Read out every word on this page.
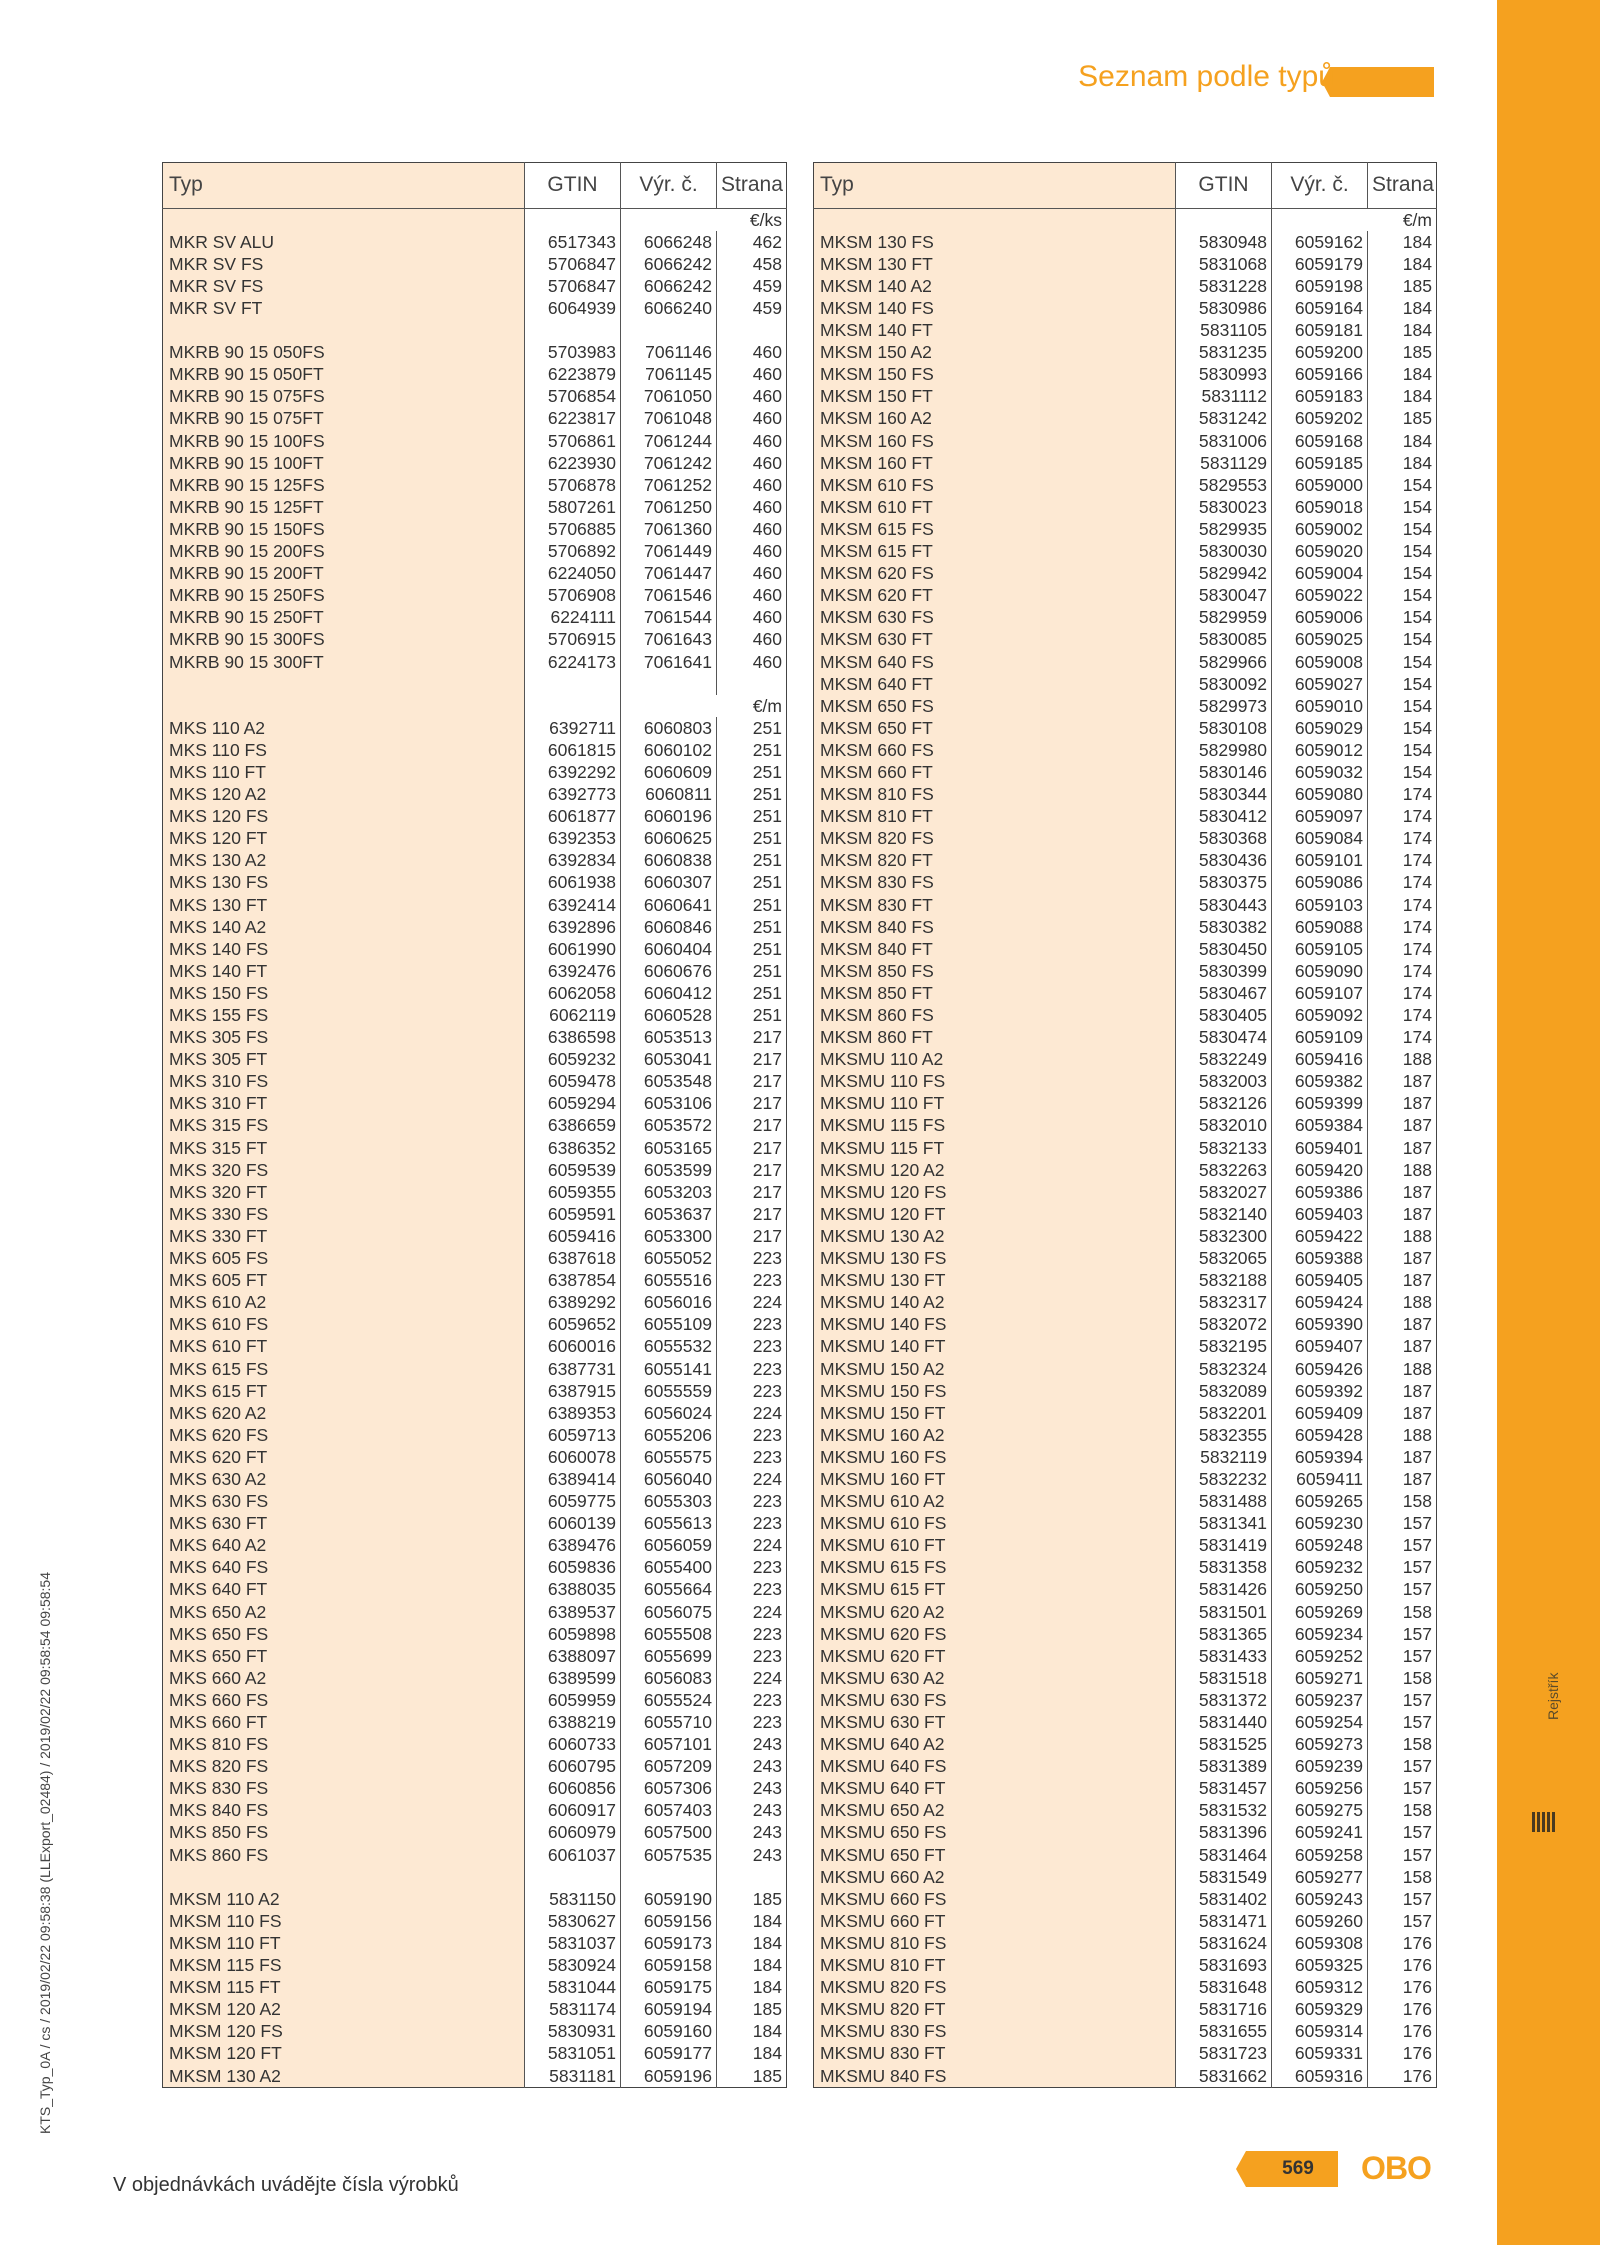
Rejstřík
Seznam podle typů
Typ	GTIN	Výr. č.	Strana
		€/ks	
MKR SV ALU	6517343	6066248	462
MKR SV FS	5706847	6066242	458
MKR SV FS	5706847	6066242	459
MKR SV FT	6064939	6066240	459

MKRB 90 15 050FS	5703983	7061146	460
MKRB 90 15 050FT	6223879	7061145	460
MKRB 90 15 075FS	5706854	7061050	460
MKRB 90 15 075FT	6223817	7061048	460
MKRB 90 15 100FS	5706861	7061244	460
MKRB 90 15 100FT	6223930	7061242	460
MKRB 90 15 125FS	5706878	7061252	460
MKRB 90 15 125FT	5807261	7061250	460
MKRB 90 15 150FS	5706885	7061360	460
MKRB 90 15 200FS	5706892	7061449	460
MKRB 90 15 200FT	6224050	7061447	460
MKRB 90 15 250FS	5706908	7061546	460
MKRB 90 15 250FT	6224111	7061544	460
MKRB 90 15 300FS	5706915	7061643	460
MKRB 90 15 300FT	6224173	7061641	460

		€/m	
MKS 110 A2	6392711	6060803	251
MKS 110 FS	6061815	6060102	251
MKS 110 FT	6392292	6060609	251
MKS 120 A2	6392773	6060811	251
MKS 120 FS	6061877	6060196	251
MKS 120 FT	6392353	6060625	251
MKS 130 A2	6392834	6060838	251
MKS 130 FS	6061938	6060307	251
MKS 130 FT	6392414	6060641	251
MKS 140 A2	6392896	6060846	251
MKS 140 FS	6061990	6060404	251
MKS 140 FT	6392476	6060676	251
MKS 150 FS	6062058	6060412	251
MKS 155 FS	6062119	6060528	251
MKS 305 FS	6386598	6053513	217
MKS 305 FT	6059232	6053041	217
MKS 310 FS	6059478	6053548	217
MKS 310 FT	6059294	6053106	217
MKS 315 FS	6386659	6053572	217
MKS 315 FT	6386352	6053165	217
MKS 320 FS	6059539	6053599	217
MKS 320 FT	6059355	6053203	217
MKS 330 FS	6059591	6053637	217
MKS 330 FT	6059416	6053300	217
MKS 605 FS	6387618	6055052	223
MKS 605 FT	6387854	6055516	223
MKS 610 A2	6389292	6056016	224
MKS 610 FS	6059652	6055109	223
MKS 610 FT	6060016	6055532	223
MKS 615 FS	6387731	6055141	223
MKS 615 FT	6387915	6055559	223
MKS 620 A2	6389353	6056024	224
MKS 620 FS	6059713	6055206	223
MKS 620 FT	6060078	6055575	223
MKS 630 A2	6389414	6056040	224
MKS 630 FS	6059775	6055303	223
MKS 630 FT	6060139	6055613	223
MKS 640 A2	6389476	6056059	224
MKS 640 FS	6059836	6055400	223
MKS 640 FT	6388035	6055664	223
MKS 650 A2	6389537	6056075	224
MKS 650 FS	6059898	6055508	223
MKS 650 FT	6388097	6055699	223
MKS 660 A2	6389599	6056083	224
MKS 660 FS	6059959	6055524	223
MKS 660 FT	6388219	6055710	223
MKS 810 FS	6060733	6057101	243
MKS 820 FS	6060795	6057209	243
MKS 830 FS	6060856	6057306	243
MKS 840 FS	6060917	6057403	243
MKS 850 FS	6060979	6057500	243
MKS 860 FS	6061037	6057535	243

MKSM 110 A2	5831150	6059190	185
MKSM 110 FS	5830627	6059156	184
MKSM 110 FT	5831037	6059173	184
MKSM 115 FS	5830924	6059158	184
MKSM 115 FT	5831044	6059175	184
MKSM 120 A2	5831174	6059194	185
MKSM 120 FS	5830931	6059160	184
MKSM 120 FT	5831051	6059177	184
MKSM 130 A2	5831181	6059196	185
Typ	GTIN	Výr. č.	Strana
		€/m	
MKSM 130 FS	5830948	6059162	184
MKSM 130 FT	5831068	6059179	184
MKSM 140 A2	5831228	6059198	185
MKSM 140 FS	5830986	6059164	184
MKSM 140 FT	5831105	6059181	184
MKSM 150 A2	5831235	6059200	185
MKSM 150 FS	5830993	6059166	184
MKSM 150 FT	5831112	6059183	184
MKSM 160 A2	5831242	6059202	185
MKSM 160 FS	5831006	6059168	184
MKSM 160 FT	5831129	6059185	184
MKSM 610 FS	5829553	6059000	154
MKSM 610 FT	5830023	6059018	154
MKSM 615 FS	5829935	6059002	154
MKSM 615 FT	5830030	6059020	154
MKSM 620 FS	5829942	6059004	154
MKSM 620 FT	5830047	6059022	154
MKSM 630 FS	5829959	6059006	154
MKSM 630 FT	5830085	6059025	154
MKSM 640 FS	5829966	6059008	154
MKSM 640 FT	5830092	6059027	154
MKSM 650 FS	5829973	6059010	154
MKSM 650 FT	5830108	6059029	154
MKSM 660 FS	5829980	6059012	154
MKSM 660 FT	5830146	6059032	154
MKSM 810 FS	5830344	6059080	174
MKSM 810 FT	5830412	6059097	174
MKSM 820 FS	5830368	6059084	174
MKSM 820 FT	5830436	6059101	174
MKSM 830 FS	5830375	6059086	174
MKSM 830 FT	5830443	6059103	174
MKSM 840 FS	5830382	6059088	174
MKSM 840 FT	5830450	6059105	174
MKSM 850 FS	5830399	6059090	174
MKSM 850 FT	5830467	6059107	174
MKSM 860 FS	5830405	6059092	174
MKSM 860 FT	5830474	6059109	174
MKSMU 110 A2	5832249	6059416	188
MKSMU 110 FS	5832003	6059382	187
MKSMU 110 FT	5832126	6059399	187
MKSMU 115 FS	5832010	6059384	187
MKSMU 115 FT	5832133	6059401	187
MKSMU 120 A2	5832263	6059420	188
MKSMU 120 FS	5832027	6059386	187
MKSMU 120 FT	5832140	6059403	187
MKSMU 130 A2	5832300	6059422	188
MKSMU 130 FS	5832065	6059388	187
MKSMU 130 FT	5832188	6059405	187
MKSMU 140 A2	5832317	6059424	188
MKSMU 140 FS	5832072	6059390	187
MKSMU 140 FT	5832195	6059407	187
MKSMU 150 A2	5832324	6059426	188
MKSMU 150 FS	5832089	6059392	187
MKSMU 150 FT	5832201	6059409	187
MKSMU 160 A2	5832355	6059428	188
MKSMU 160 FS	5832119	6059394	187
MKSMU 160 FT	5832232	6059411	187
MKSMU 610 A2	5831488	6059265	158
MKSMU 610 FS	5831341	6059230	157
MKSMU 610 FT	5831419	6059248	157
MKSMU 615 FS	5831358	6059232	157
MKSMU 615 FT	5831426	6059250	157
MKSMU 620 A2	5831501	6059269	158
MKSMU 620 FS	5831365	6059234	157
MKSMU 620 FT	5831433	6059252	157
MKSMU 630 A2	5831518	6059271	158
MKSMU 630 FS	5831372	6059237	157
MKSMU 630 FT	5831440	6059254	157
MKSMU 640 A2	5831525	6059273	158
MKSMU 640 FS	5831389	6059239	157
MKSMU 640 FT	5831457	6059256	157
MKSMU 650 A2	5831532	6059275	158
MKSMU 650 FS	5831396	6059241	157
MKSMU 650 FT	5831464	6059258	157
MKSMU 660 A2	5831549	6059277	158
MKSMU 660 FS	5831402	6059243	157
MKSMU 660 FT	5831471	6059260	157
MKSMU 810 FS	5831624	6059308	176
MKSMU 810 FT	5831693	6059325	176
MKSMU 820 FS	5831648	6059312	176
MKSMU 820 FT	5831716	6059329	176
MKSMU 830 FS	5831655	6059314	176
MKSMU 830 FT	5831723	6059331	176
MKSMU 840 FS	5831662	6059316	176
V objednávkách uvádějte čísla výrobků
KTS_Typ_0A / cs / 2019/02/22 09:58:38 (LLExport_02484) / 2019/02/22 09:58:54 09:58:54
569	OBO
